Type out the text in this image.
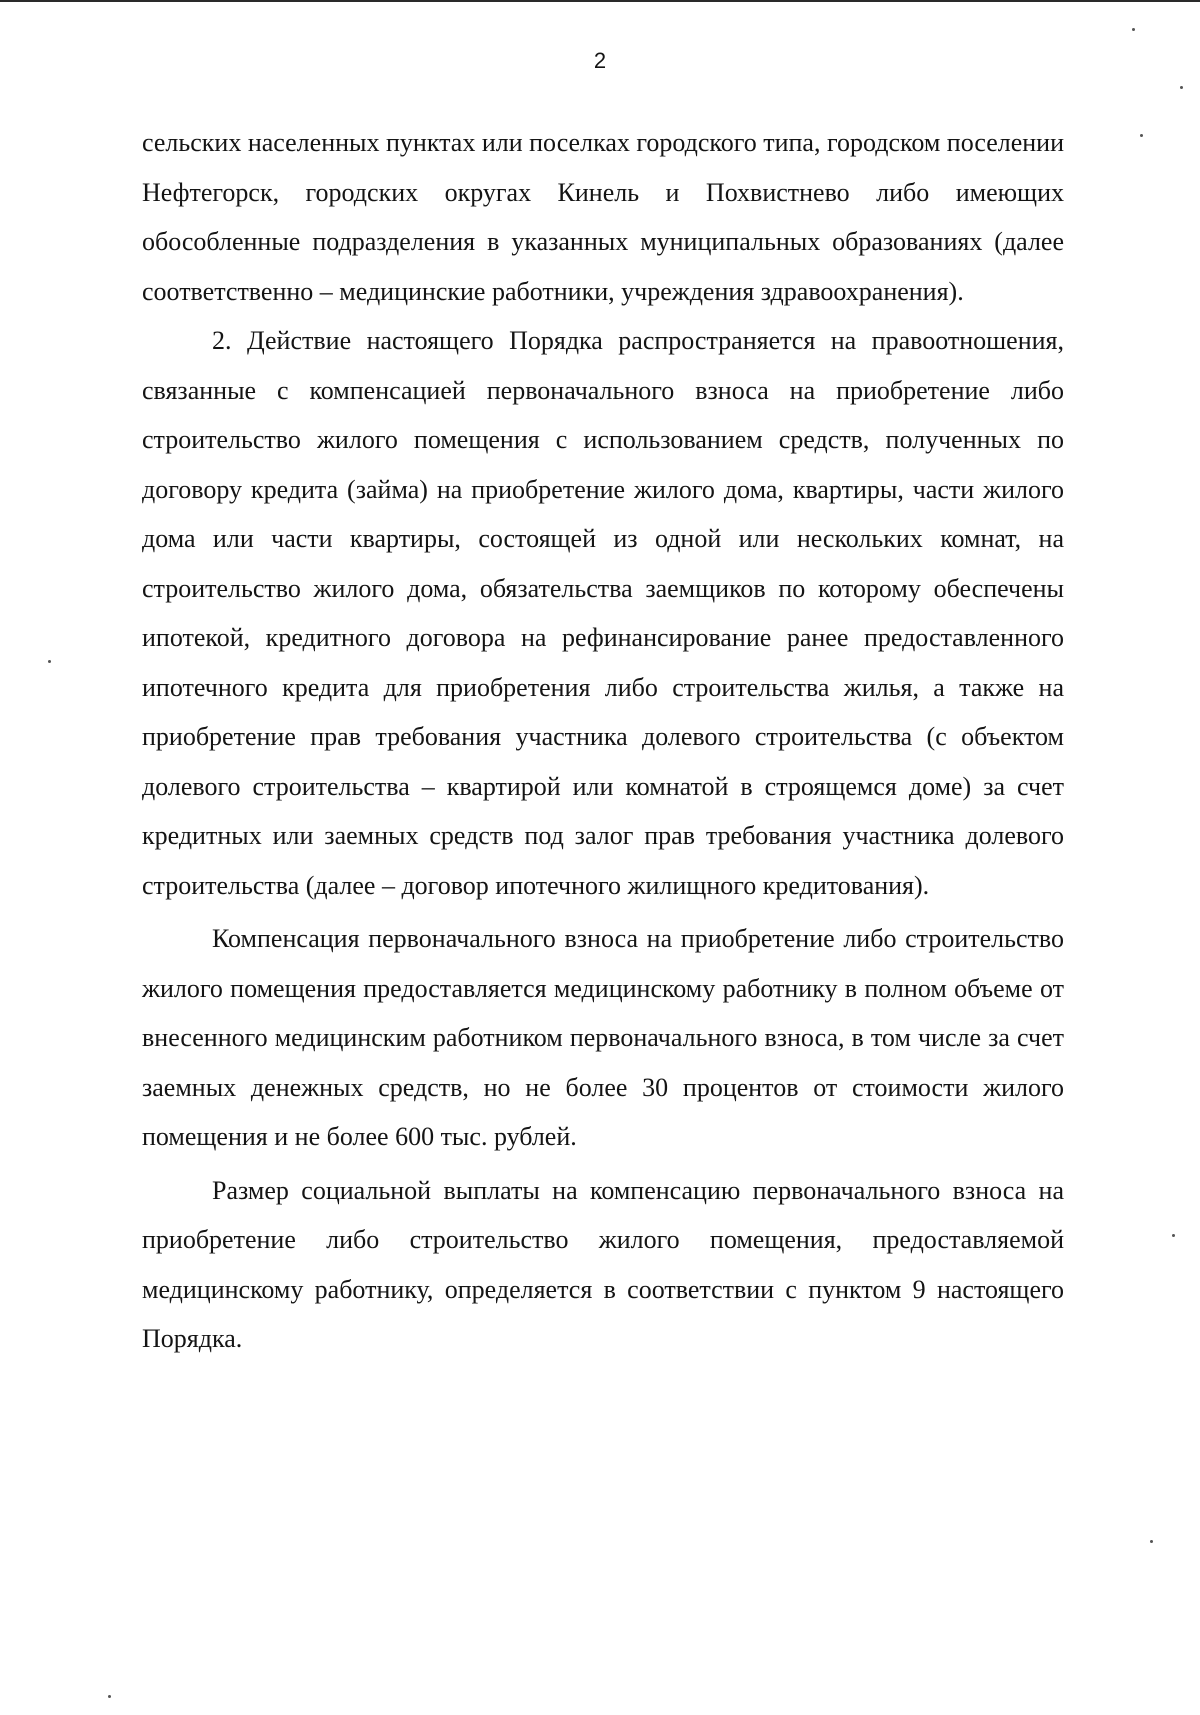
2

сельских населенных пунктах или поселках городского типа, городском поселении Нефтегорск, городских округах Кинель и Похвистнево либо имеющих обособленные подразделения в указанных муниципальных образованиях (далее соответственно – медицинские работники, учреждения здравоохранения).

2. Действие настоящего Порядка распространяется на правоотношения, связанные с компенсацией первоначального взноса на приобретение либо строительство жилого помещения с использованием средств, полученных по договору кредита (займа) на приобретение жилого дома, квартиры, части жилого дома или части квартиры, состоящей из одной или нескольких комнат, на строительство жилого дома, обязательства заемщиков по которому обеспечены ипотекой, кредитного договора на рефинансирование ранее предоставленного ипотечного кредита для приобретения либо строительства жилья, а также на приобретение прав требования участника долевого строительства (с объектом долевого строительства – квартирой или комнатой в строящемся доме) за счет кредитных или заемных средств под залог прав требования участника долевого строительства (далее – договор ипотечного жилищного кредитования).

Компенсация первоначального взноса на приобретение либо строительство жилого помещения предоставляется медицинскому работнику в полном объеме от внесенного медицинским работником первоначального взноса, в том числе за счет заемных денежных средств, но не более 30 процентов от стоимости жилого помещения и не более 600 тыс. рублей.

Размер социальной выплаты на компенсацию первоначального взноса на приобретение либо строительство жилого помещения, предоставляемой медицинскому работнику, определяется в соответствии с пунктом 9 настоящего Порядка.
